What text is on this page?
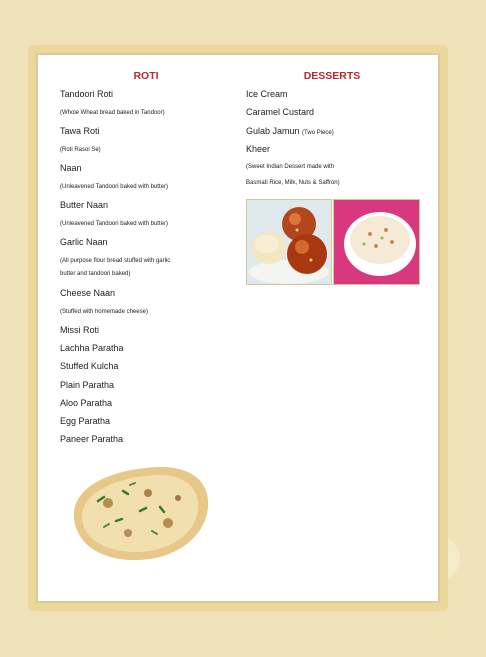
ROTI
Tandoori Roti
(Whole Wheat bread baked in Tandoor)
Tawa Roti
(Roti Rasoi Se)
Naan
(Unleavened Tandoori baked with butter)
Butter Naan
(Unleavened Tandoori baked with butter)
Garlic Naan
(All purpose flour bread stuffed with garlic
butter and tandoori baked)
Cheese Naan
(Stuffed with homemade cheese)
Missi Roti
Lachha Paratha
Stuffed Kulcha
Plain Paratha
Aloo Paratha
Egg Paratha
Paneer Paratha
DESSERTS
Ice Cream
Caramel Custard
Gulab Jamun (Two Piece)
Kheer
(Sweet Indian Dessert made with
Basmati Rice, Milk, Nuts & Saffron)
